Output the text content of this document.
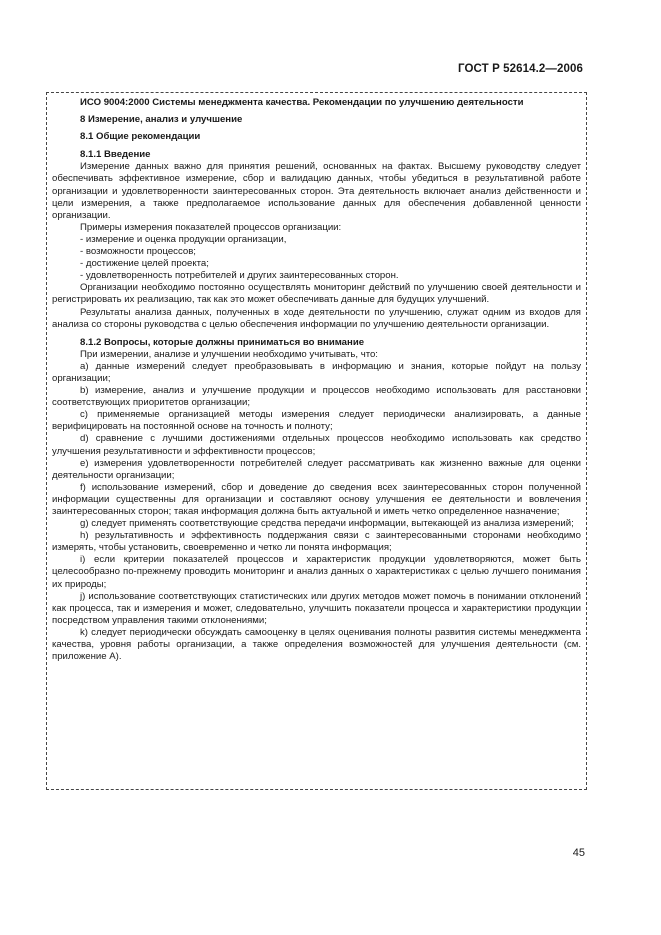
ГОСТ Р 52614.2—2006
ИСО 9004:2000 Системы менеджмента качества. Рекомендации по улучшению деятельности
8 Измерение, анализ и улучшение
8.1 Общие рекомендации
8.1.1 Введение
Измерение данных важно для принятия решений, основанных на фактах. Высшему руководству следует обеспечивать эффективное измерение, сбор и валидацию данных, чтобы убедиться в результативной работе организации и удовлетворенности заинтересованных сторон. Эта деятельность включает анализ действенности и цели измерения, а также предполагаемое использование данных для обеспечения добавленной ценности организации.
Примеры измерения показателей процессов организации:
- измерение и оценка продукции организации,
- возможности процессов;
- достижение целей проекта;
- удовлетворенность потребителей и других заинтересованных сторон.
Организации необходимо постоянно осуществлять мониторинг действий по улучшению своей деятельности и регистрировать их реализацию, так как это может обеспечивать данные для будущих улучшений.
Результаты анализа данных, полученных в ходе деятельности по улучшению, служат одним из входов для анализа со стороны руководства с целью обеспечения информации по улучшению деятельности организации.
8.1.2 Вопросы, которые должны приниматься во внимание
При измерении, анализе и улучшении необходимо учитывать, что:
a) данные измерений следует преобразовывать в информацию и знания, которые пойдут на пользу организации;
b) измерение, анализ и улучшение продукции и процессов необходимо использовать для расстановки соответствующих приоритетов организации;
c) применяемые организацией методы измерения следует периодически анализировать, а данные верифицировать на постоянной основе на точность и полноту;
d) сравнение с лучшими достижениями отдельных процессов необходимо использовать как средство улучшения результативности и эффективности процессов;
e) измерения удовлетворенности потребителей следует рассматривать как жизненно важные для оценки деятельности организации;
f) использование измерений, сбор и доведение до сведения всех заинтересованных сторон полученной информации существенны для организации и составляют основу улучшения ее деятельности и вовлечения заинтересованных сторон; такая информация должна быть актуальной и иметь четко определенное назначение;
g) следует применять соответствующие средства передачи информации, вытекающей из анализа измерений;
h) результативность и эффективность поддержания связи с заинтересованными сторонами необходимо измерять, чтобы установить, своевременно и четко ли понята информация;
i) если критерии показателей процессов и характеристик продукции удовлетворяются, может быть целесообразно по-прежнему проводить мониторинг и анализ данных о характеристиках с целью лучшего понимания их природы;
j) использование соответствующих статистических или других методов может помочь в понимании отклонений как процесса, так и измерения и может, следовательно, улучшить показатели процесса и характеристики продукции посредством управления такими отклонениями;
k) следует периодически обсуждать самооценку в целях оценивания полноты развития системы менеджмента качества, уровня работы организации, а также определения возможностей для улучшения деятельности (см. приложение А).
45
